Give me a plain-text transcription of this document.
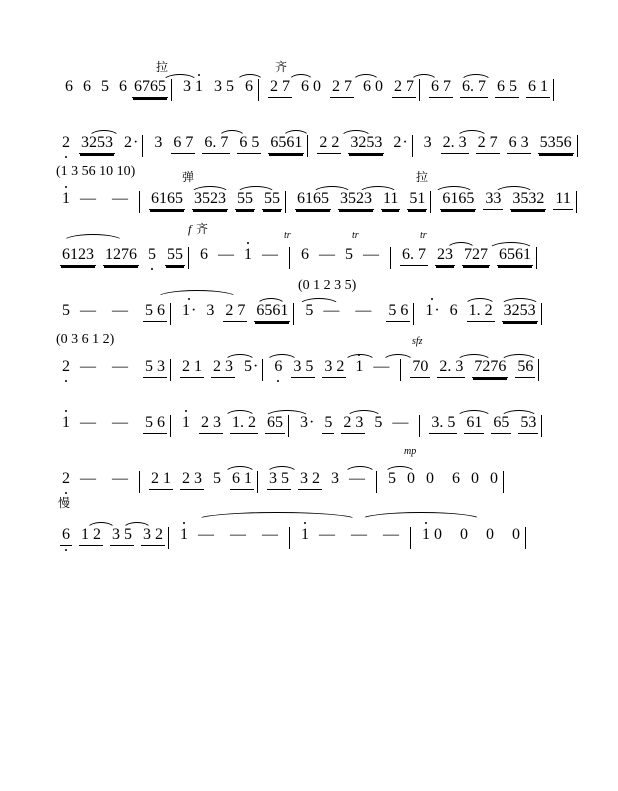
拉	齐
6 6 5 6 6765 3 1 3 5 6 2 7 6 0 2 7 6 0 2 7 6 7 6. 7 6 5 6 1
2 3253 2 ·	3 6 7 6. 7 6 5 6561 2 2 3253 2 ·	3 2. 3 2 7 6 3 5356
(1 3 56 10 10)	弹	拉
1 —	—	6165 3523 55 55 6165 3523 11 51 6165 33 3532 11
f 齐	tr	tr	tr
6123 1276 5 55 6 — 1 —	6 — 5 —	6. 7 23 727 6561
(0 1 2 3 5)
5 —	—	5 6 1 ·	3 2 7 6561 5 —	—	5 6 1 ·	6 1. 2 3253
(0 3 6 1 2)	sfz
2 —	—	5 3 2 1 2 3 5 ·	6 3 5 3 2 1 —	70 2. 3 7276 56
1 —	—	5 6 1 2 3 1. 2 65 3 ·	5 2 3 5 —	3. 5 61 65 53
mp
2 —	—	2 1 2 3 5 6 1 3 5 3 2 3 —	5 0 0 6 0 0
慢
6 1 2 3 5 3 2 1 —	—	—	1 —	—	—	1 0 0 0 0
